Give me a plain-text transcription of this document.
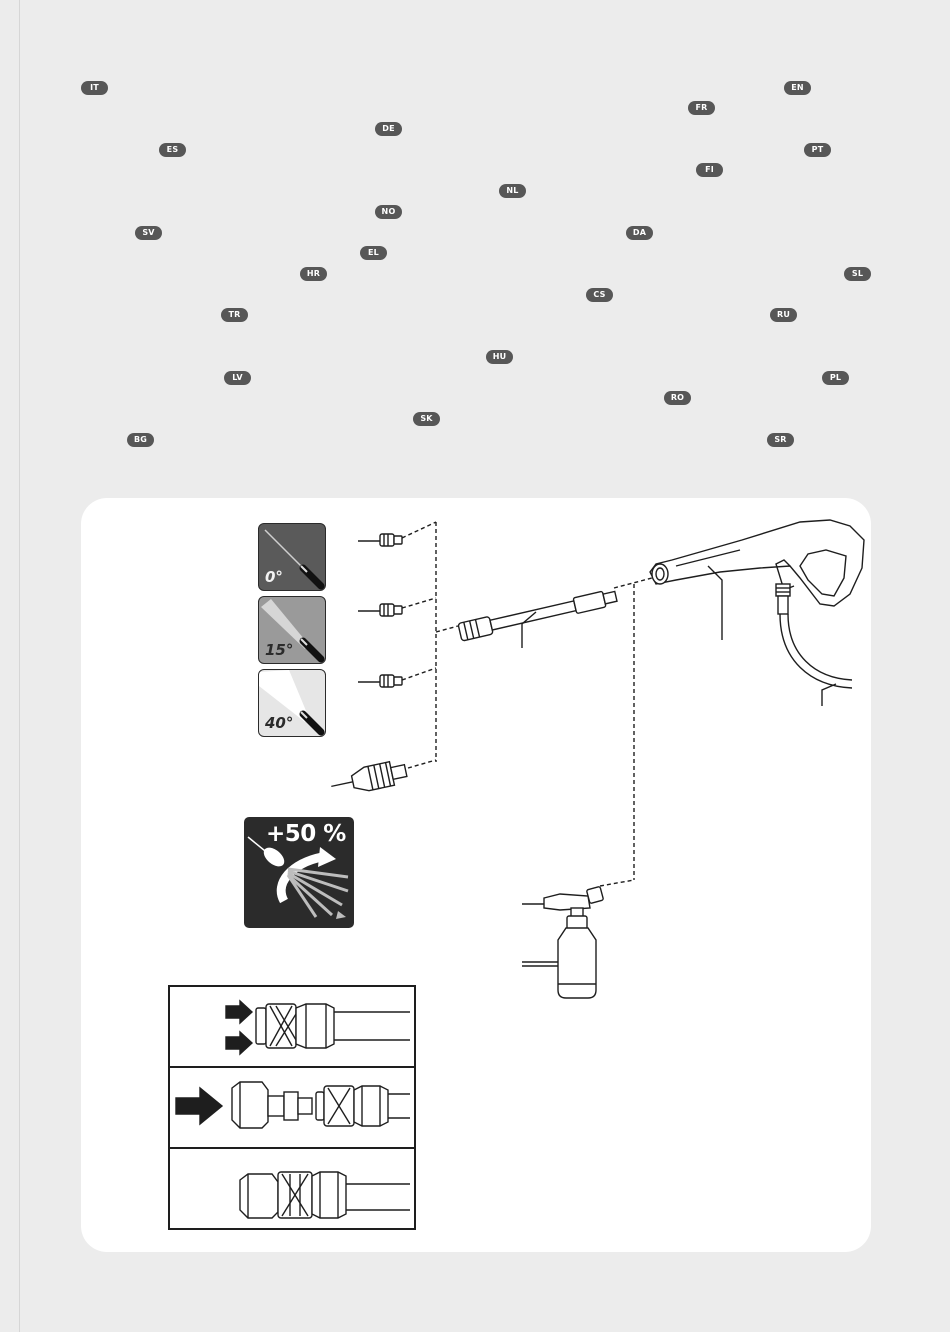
IT	EN
FR
DE
ES	PT
FI
NL
NO
SV	DA
EL
HR	SL
CS
TR	RU
HU
LV	PL
RO
SK
BG	SR
0°
15°
40°
+50 %
